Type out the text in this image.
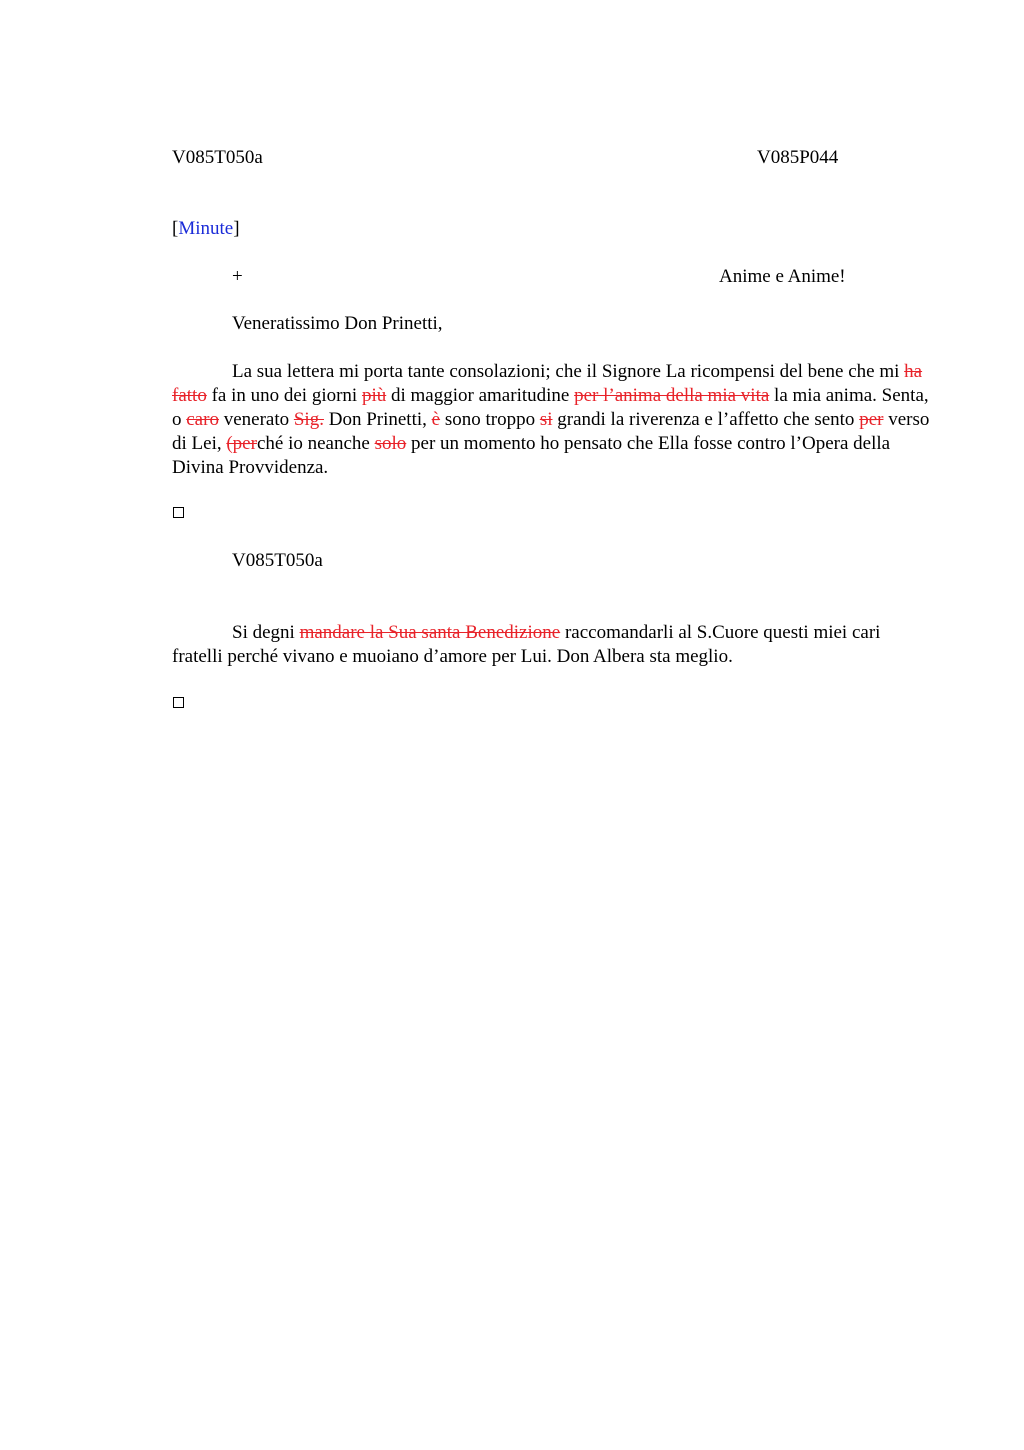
V085T050a	V085P044
[Minute]
+	Anime e Anime!
Veneratissimo Don Prinetti,
La sua lettera mi porta tante consolazioni; che il Signore La ricompensi del bene che mi ha fatto fa in uno dei giorni più di maggior amaritudine per l’anima della mia vita la mia anima. Senta, o caro venerato Sig. Don Prinetti, è sono troppo si grandi la riverenza e l’affetto che sento per verso di Lei, (perché io neanche solo per un momento ho pensato che Ella fosse contro l’Opera della Divina Provvidenza.
V085T050a
Si degni mandare la Sua santa Benedizione raccomandarli al S.Cuore questi miei cari fratelli perché vivano e muoiano d’amore per Lui. Don Albera sta meglio.
